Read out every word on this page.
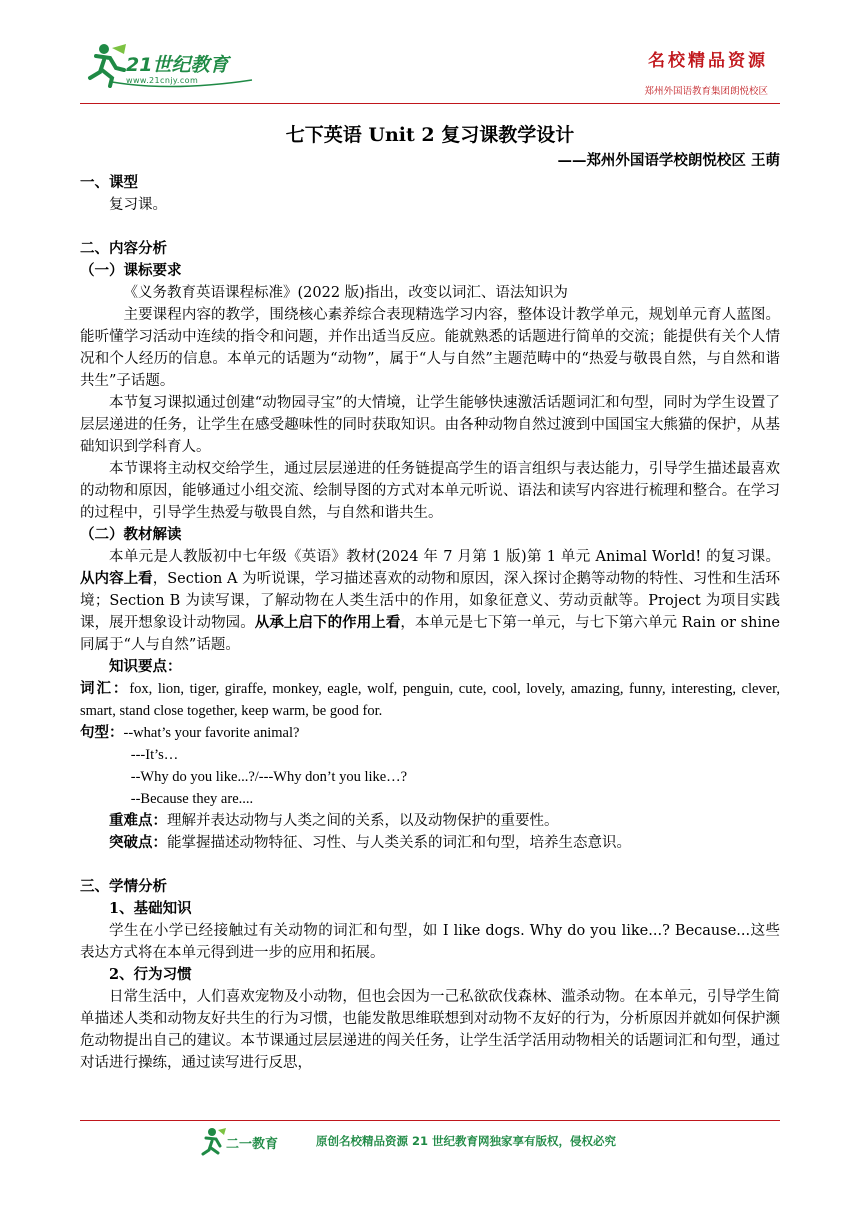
21世纪教育
www.21cnjy.com
名校精品资源
郑州外国语教育集团朗悦校区
七下英语 Unit 2 复习课教学设计
——郑州外国语学校朗悦校区 王萌

一、课型

复习课。

二、内容分析

（一）课标要求

《义务教育英语课程标准》(2022 版)指出，改变以词汇、语法知识为

主要课程内容的教学，围绕核心素养综合表现精选学习内容，整体设计教学单元，规划单元育人蓝图。能听懂学习活动中连续的指令和问题，并作出适当反应。能就熟悉的话题进行简单的交流；能提供有关个人情况和个人经历的信息。本单元的话题为“动物”，属于“人与自然”主题范畴中的“热爱与敬畏自然，与自然和谐共生”子话题。

本节复习课拟通过创建“动物园寻宝”的大情境，让学生能够快速激活话题词汇和句型，同时为学生设置了层层递进的任务，让学生在感受趣味性的同时获取知识。由各种动物自然过渡到中国国宝大熊猫的保护，从基础知识到学科育人。

本节课将主动权交给学生，通过层层递进的任务链提高学生的语言组织与表达能力，引导学生描述最喜欢的动物和原因，能够通过小组交流、绘制导图的方式对本单元听说、语法和读写内容进行梳理和整合。在学习的过程中，引导学生热爱与敬畏自然，与自然和谐共生。

（二）教材解读

本单元是人教版初中七年级《英语》教材(2024 年 7 月第 1 版)第 1 单元 Animal World! 的复习课。从内容上看，Section A 为听说课，学习描述喜欢的动物和原因，深入探讨企鹅等动物的特性、习性和生活环境；Section B 为读写课，了解动物在人类生活中的作用，如象征意义、劳动贡献等。Project 为项目实践课，展开想象设计动物园。从承上启下的作用上看，本单元是七下第一单元，与七下第六单元 Rain or shine 同属于“人与自然”话题。

知识要点：

词汇：fox, lion, tiger, giraffe, monkey, eagle, wolf, penguin, cute, cool, lovely, amazing, funny, interesting, clever, smart, stand close together, keep warm, be good for.

句型：--what’s your favorite animal?

---It’s…

--Why do you like...?/---Why don’t you like…?

--Because they are....

重难点：理解并表达动物与人类之间的关系，以及动物保护的重要性。

突破点：能掌握描述动物特征、习性、与人类关系的词汇和句型，培养生态意识。

三、学情分析

1、基础知识

学生在小学已经接触过有关动物的词汇和句型，如 I like dogs. Why do you like...? Because...这些表达方式将在本单元得到进一步的应用和拓展。

2、行为习惯

日常生活中，人们喜欢宠物及小动物，但也会因为一己私欲砍伐森林、滥杀动物。在本单元，引导学生简单描述人类和动物友好共生的行为习惯，也能发散思维联想到对动物不友好的行为，分析原因并就如何保护濒危动物提出自己的建议。本节课通过层层递进的闯关任务，让学生活学活用动物相关的话题词汇和句型，通过对话进行操练，通过读写进行反思，

二一教育	原创名校精品资源 21 世纪教育网独家享有版权，侵权必究
